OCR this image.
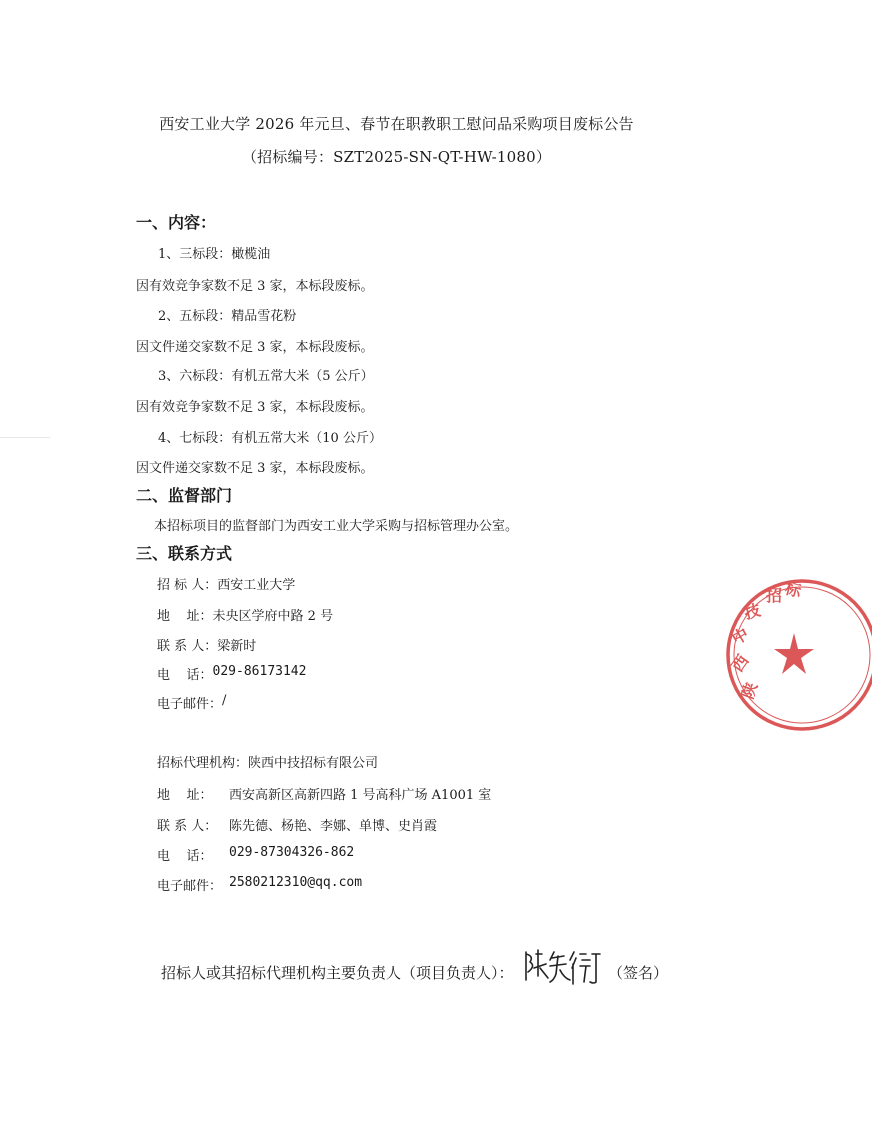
西安工业大学 2026 年元旦、春节在职教职工慰问品采购项目废标公告
（招标编号：SZT2025-SN-QT-HW-1080）
一、内容：
1、三标段：橄榄油
因有效竞争家数不足 3 家，本标段废标。
2、五标段：精品雪花粉
因文件递交家数不足 3 家，本标段废标。
3、六标段：有机五常大米（5 公斤）
因有效竞争家数不足 3 家，本标段废标。
4、七标段：有机五常大米（10 公斤）
因文件递交家数不足 3 家，本标段废标。
二、监督部门
本招标项目的监督部门为西安工业大学采购与招标管理办公室。
三、联系方式
招 标 人： 西安工业大学
地    址： 未央区学府中路 2 号
联 系 人： 梁新时
电    话： 029-86173142
电子邮件： /
招标代理机构：陕西中技招标有限公司
地    址：	西安高新区高新四路 1 号高科广场 A1001 室
联 系 人： 陈先德、杨艳、李娜、单博、史肖霞
电    话：	029-87304326-862
电子邮件： 2580212310@qq.com
招标人或其招标代理机构主要负责人（项目负责人）：	（签名）
陕
西
中
技
招 标
